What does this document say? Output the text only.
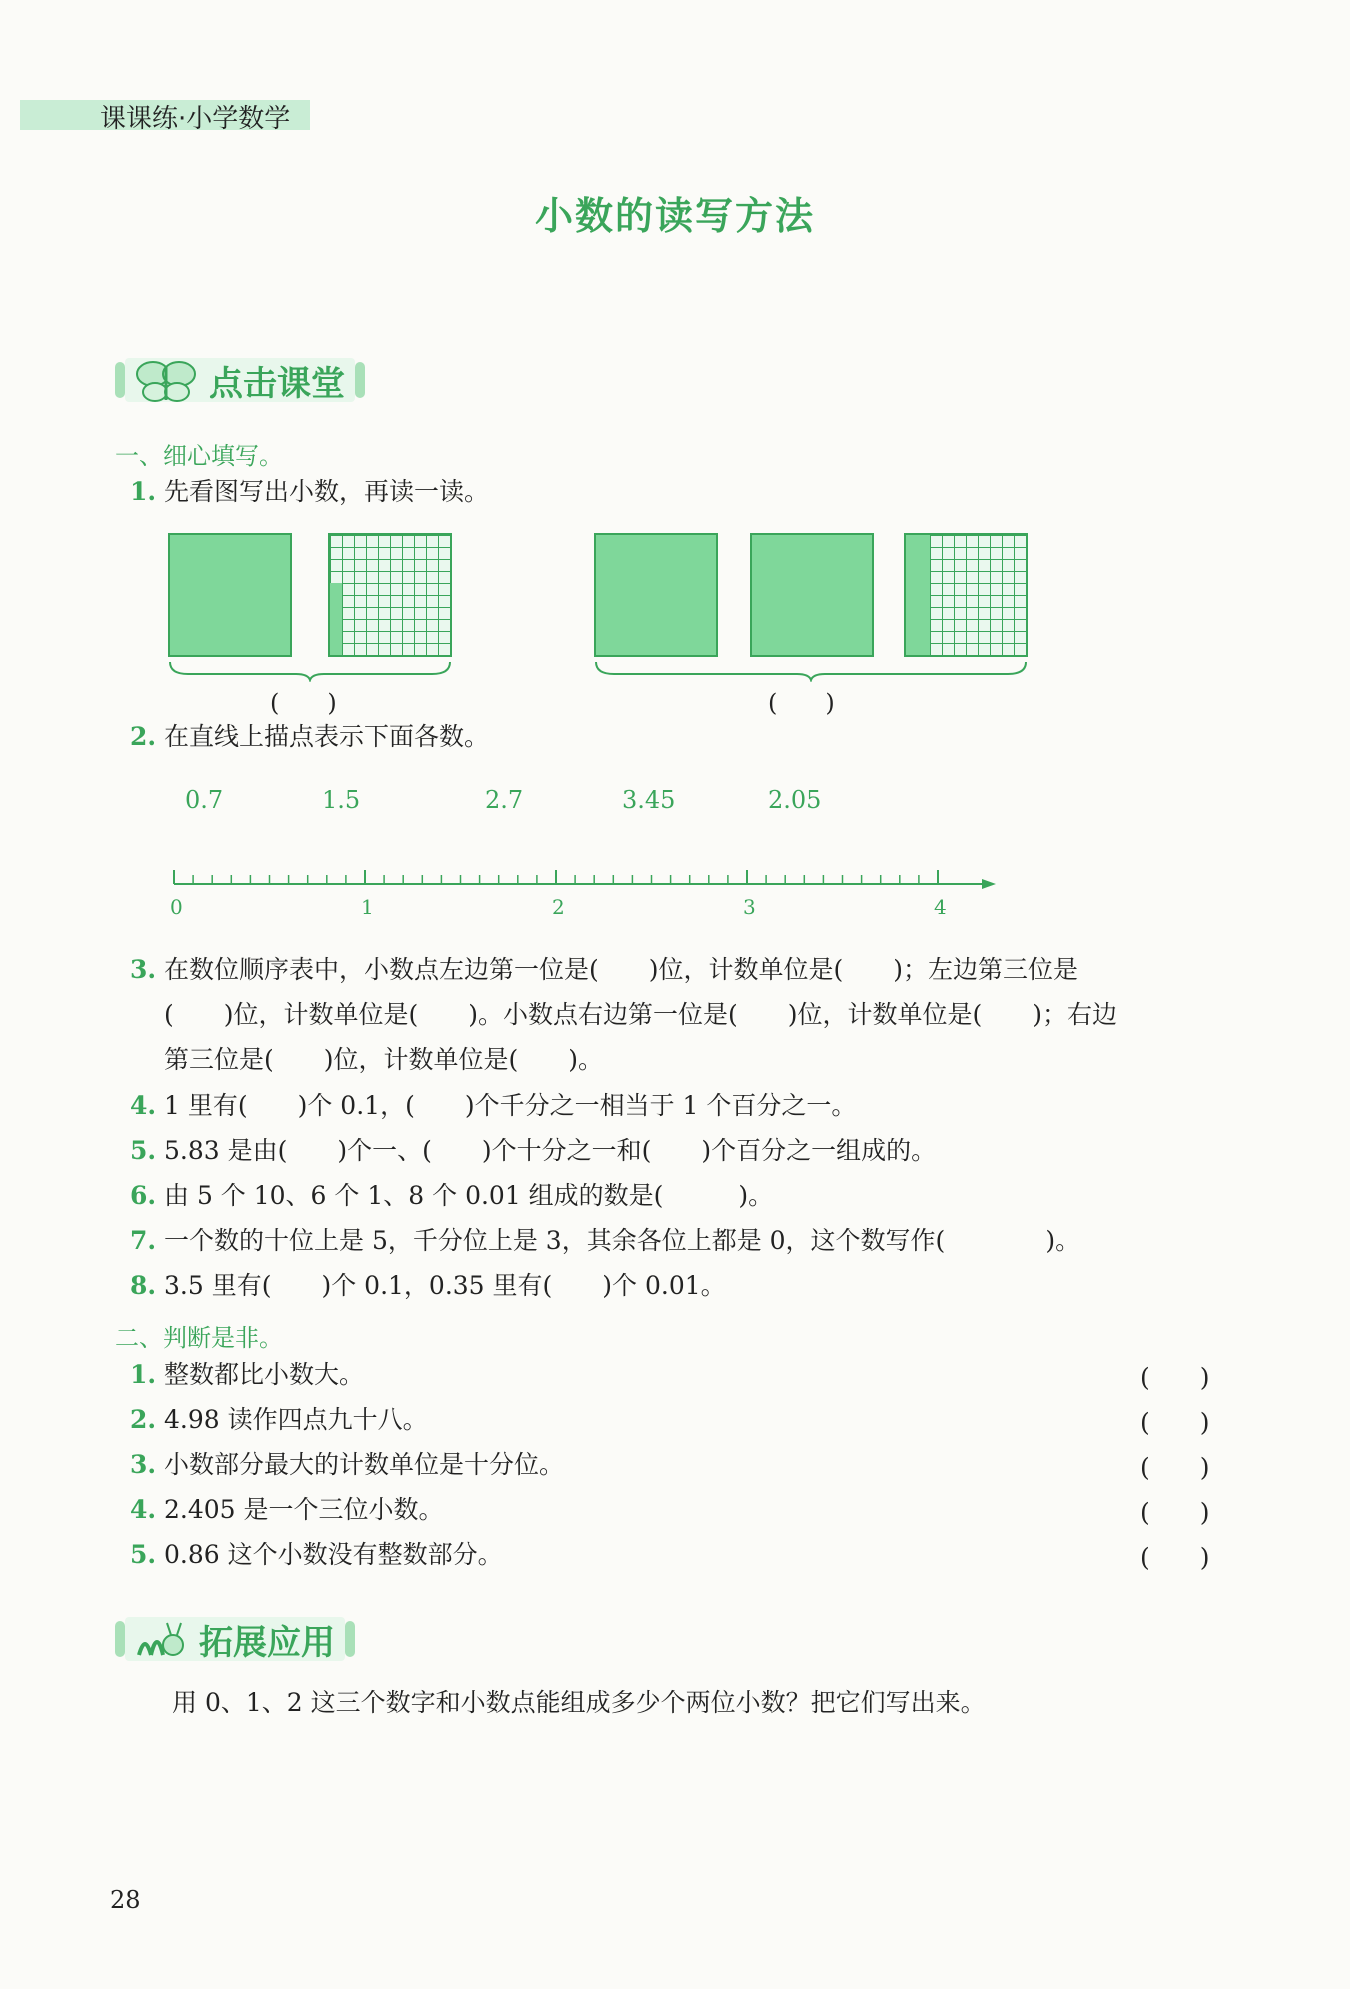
课课练·小学数学
小数的读写方法
点击课堂
一、细心填写。
1. 先看图写出小数，再读一读。
(　　)	(　　)
2. 在直线上描点表示下面各数。
0.7	1.5	2.7	3.45	2.05
0	1	2	3	4
3. 在数位顺序表中，小数点左边第一位是(　　)位，计数单位是(　　)；左边第三位是
(　　)位，计数单位是(　　)。小数点右边第一位是(　　)位，计数单位是(　　)；右边
第三位是(　　)位，计数单位是(　　)。
4. 1 里有(　　)个 0.1，(　　)个千分之一相当于 1 个百分之一。
5. 5.83 是由(　　)个一、(　　)个十分之一和(　　)个百分之一组成的。
6. 由 5 个 10、6 个 1、8 个 0.01 组成的数是(　　　)。
7. 一个数的十位上是 5，千分位上是 3，其余各位上都是 0，这个数写作(　　　　)。
8. 3.5 里有(　　)个 0.1，0.35 里有(　　)个 0.01。
二、判断是非。
1. 整数都比小数大。	(　　)
2. 4.98 读作四点九十八。	(　　)
3. 小数部分最大的计数单位是十分位。	(　　)
4. 2.405 是一个三位小数。	(　　)
5. 0.86 这个小数没有整数部分。	(　　)
拓展应用
用 0、1、2 这三个数字和小数点能组成多少个两位小数？把它们写出来。
28
